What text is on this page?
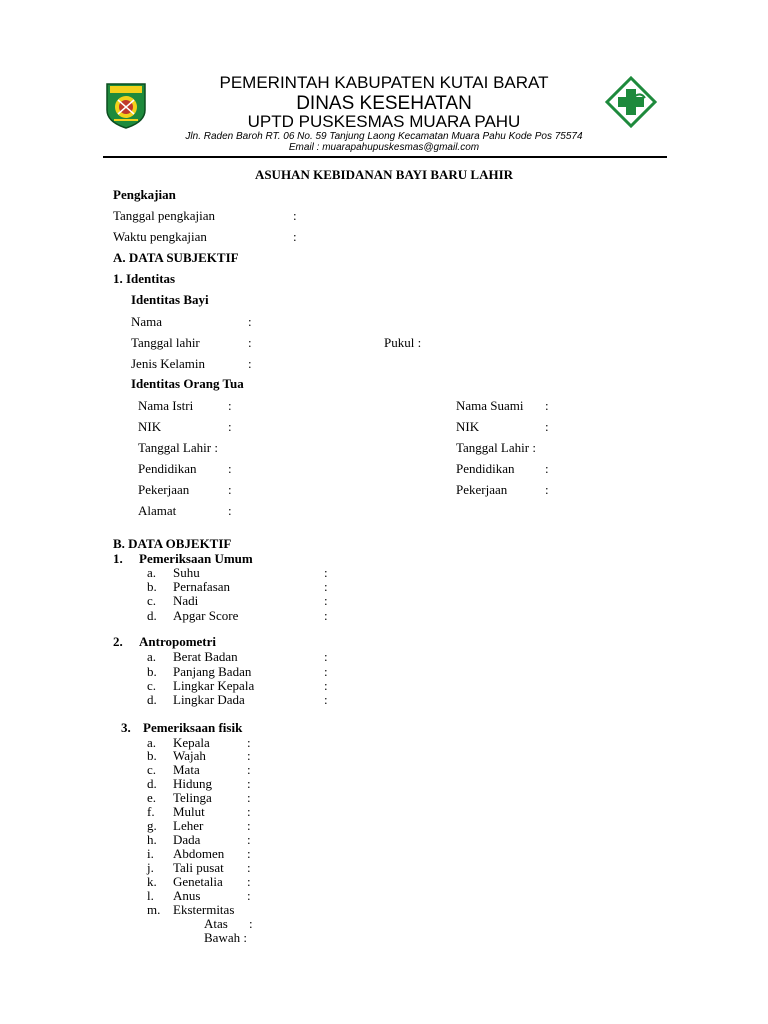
PEMERINTAH KABUPATEN KUTAI BARAT
DINAS KESEHATAN
UPTD PUSKESMAS MUARA PAHU
Jln. Raden Baroh RT. 06 No. 59 Tanjung Laong Kecamatan Muara Pahu Kode Pos 75574
Email : muarapahupuskesmas@gmail.com
ASUHAN KEBIDANAN BAYI BARU LAHIR
Pengkajian
Tanggal pengkajian	:
Waktu pengkajian	:
A. DATA SUBJEKTIF
1. Identitas
Identitas Bayi
Nama	:
Tanggal lahir	:	Pukul :
Jenis Kelamin	:
Identitas Orang Tua
Nama Istri	:
NIK	:
Tanggal Lahir :
Pendidikan :
Pekerjaan	:
Alamat	:
Nama Suami :
NIK	:
Tanggal Lahir :
Pendidikan :
Pekerjaan	:
B. DATA OBJEKTIF
1. Pemeriksaan Umum
a. Suhu	:
b. Pernafasan	:
c. Nadi	:
d. Apgar Score	:
2. Antropometri
a. Berat Badan	:
b. Panjang Badan	:
c. Lingkar Kepala	:
d. Lingkar Dada	:
3. Pemeriksaan fisik
a. Kepala	:
b. Wajah	:
c. Mata	:
d. Hidung	:
e. Telinga	:
f. Mulut	:
g. Leher	:
h. Dada	:
i. Abdomen :
j. Tali pusat :
k. Genetalia :
l. Anus	:
m. Ekstermitas
Atas :
Bawah :
